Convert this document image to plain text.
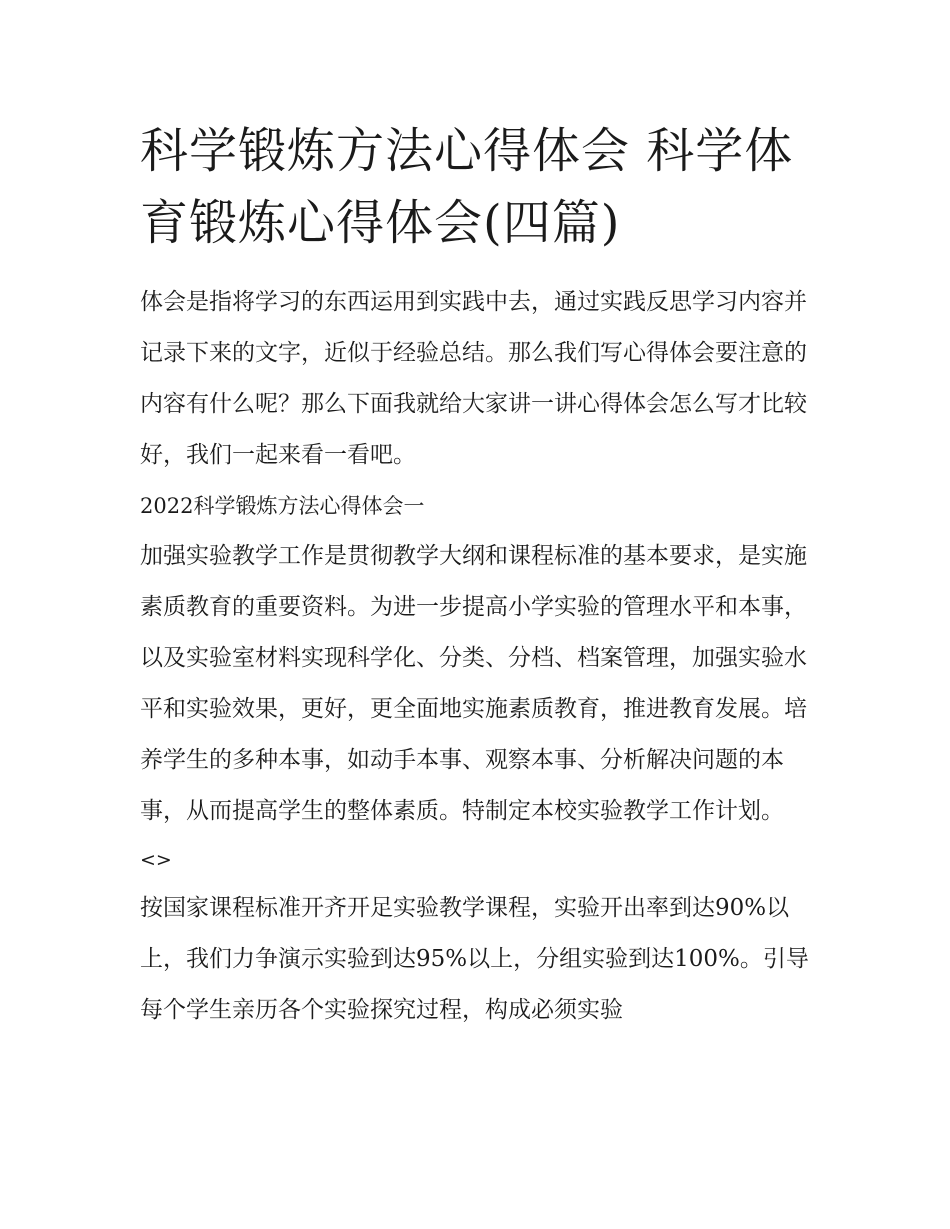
科学锻炼方法心得体会 科学体育锻炼心得体会(四篇)

体会是指将学习的东西运用到实践中去，通过实践反思学习内容并记录下来的文字，近似于经验总结。那么我们写心得体会要注意的内容有什么呢？那么下面我就给大家讲一讲心得体会怎么写才比较好，我们一起来看一看吧。

2022科学锻炼方法心得体会一

加强实验教学工作是贯彻教学大纲和课程标准的基本要求，是实施素质教育的重要资料。为进一步提高小学实验的管理水平和本事，以及实验室材料实现科学化、分类、分档、档案管理，加强实验水平和实验效果，更好，更全面地实施素质教育，推进教育发展。培养学生的多种本事，如动手本事、观察本事、分析解决问题的本事，从而提高学生的整体素质。特制定本校实验教学工作计划。

<>

按国家课程标准开齐开足实验教学课程，实验开出率到达90%以上，我们力争演示实验到达95%以上，分组实验到达100%。引导每个学生亲历各个实验探究过程，构成必须实验
